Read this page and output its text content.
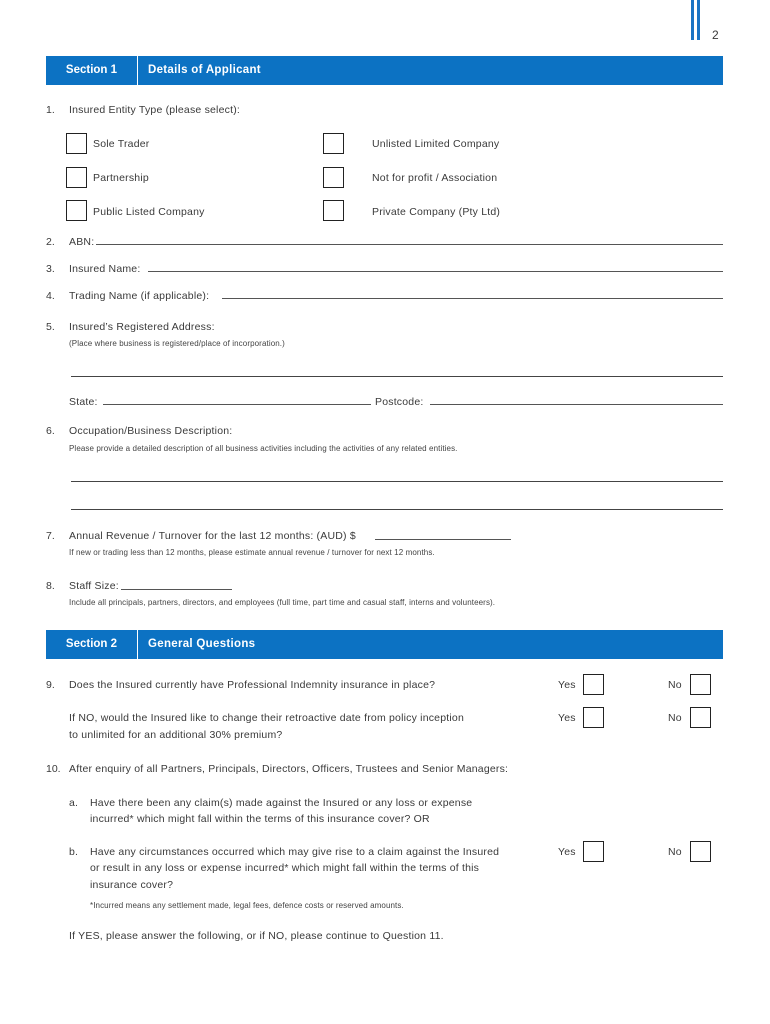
2
Section 1	Details of Applicant
1. Insured Entity Type (please select):
Sole Trader	Unlisted Limited Company
Partnership	Not for profit / Association
Public Listed Company	Private Company (Pty Ltd)
2. ABN:
3. Insured Name:
4. Trading Name (if applicable):
5. Insured’s Registered Address:
(Place where business is registered/place of incorporation.)
State:	Postcode:
6. Occupation/Business Description:
Please provide a detailed description of all business activities including the activities of any related entities.
7. Annual Revenue / Turnover for the last 12 months: (AUD) $
If new or trading less than 12 months, please estimate annual revenue / turnover for next 12 months.
8. Staff Size:
Include all principals, partners, directors, and employees (full time, part time and casual staff, interns and volunteers).
Section 2	General Questions
9. Does the Insured currently have Professional Indemnity insurance in place?	Yes	No
If NO, would the Insured like to change their retroactive date from policy inception
to unlimited for an additional 30% premium?
Yes	No
10. After enquiry of all Partners, Principals, Directors, Officers, Trustees and Senior Managers:
a. Have there been any claim(s) made against the Insured or any loss or expense
incurred* which might fall within the terms of this insurance cover? OR
b. Have any circumstances occurred which may give rise to a claim against the Insured
or result in any loss or expense incurred* which might fall within the terms of this
insurance cover?
Yes	No
*Incurred means any settlement made, legal fees, defence costs or reserved amounts.
If YES, please answer the following, or if NO, please continue to Question 11.
